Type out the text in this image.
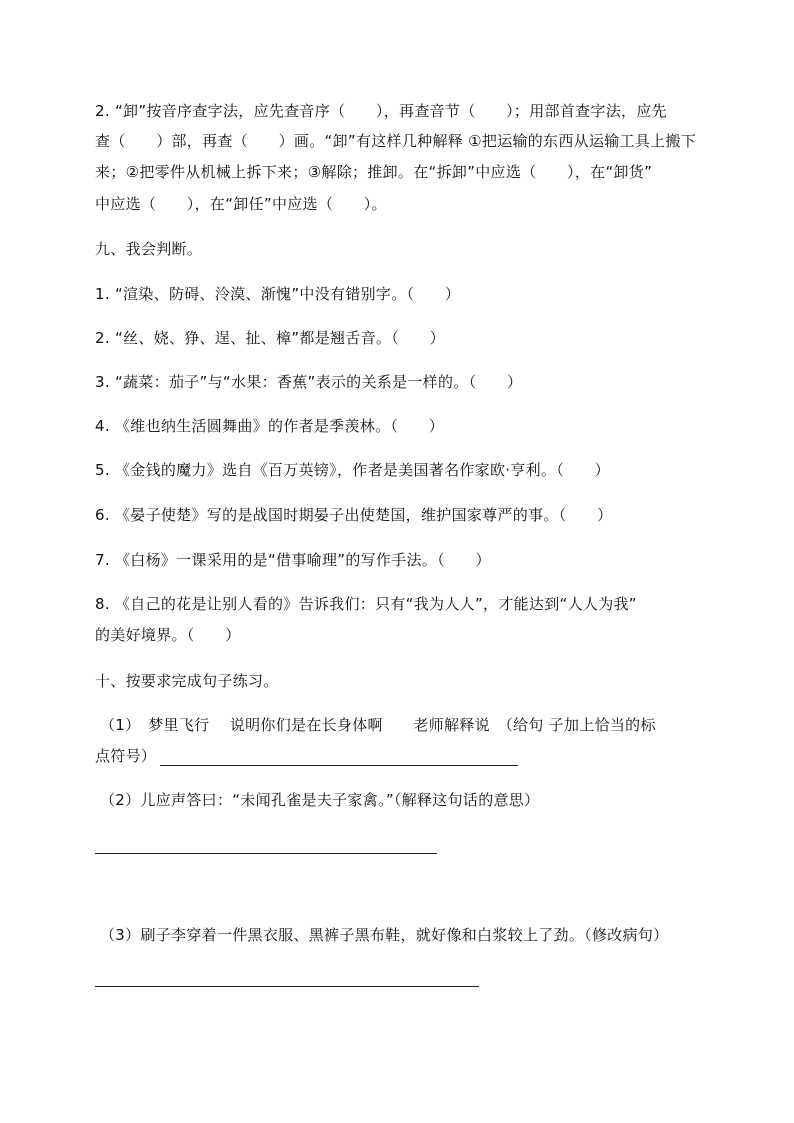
2. “卸”按音序查字法，应先查音序（　　），再查音节（　　）；用部首查字法，应先
查（　　）部，再查（　　）画。“卸”有这样几种解释 ①把运输的东西从运输工具上搬下
来；②把零件从机械上拆下来；③解除；推卸。在“拆卸”中应选（　　），在“卸货”
中应选（　　），在“卸任”中应选（　　）。
九、我会判断。
1. “渲染、防碍、泠漠、渐愧”中没有错别字。（　　）
2. “丝、娆、狰、逞、扯、樟”都是翘舌音。（　　）
3. “蔬菜：茄子”与“水果：香蕉”表示的关系是一样的。（　　）
4. 《维也纳生活圆舞曲》的作者是季羡林。（　　）
5. 《金钱的魔力》选自《百万英镑》，作者是美国著名作家欧·亨利。（　　）
6. 《晏子使楚》写的是战国时期晏子出使楚国，维护国家尊严的事。（　　）
7. 《白杨》一课采用的是“借事喻理”的写作手法。（　　）
8. 《自己的花是让别人看的》告诉我们：只有“我为人人”，才能达到“人人为我”
的美好境界。（　　）
十、按要求完成句子练习。
（1）　梦里飞行　 说明你们是在长身体啊　　老师解释说　（给句 子加上恰当的标
点符号）
（2）儿应声答曰：“未闻孔雀是夫子家禽。”（解释这句话的意思）
（3）刷子李穿着一件黑衣服、黑裤子黑布鞋，就好像和白浆较上了劲。（修改病句）
